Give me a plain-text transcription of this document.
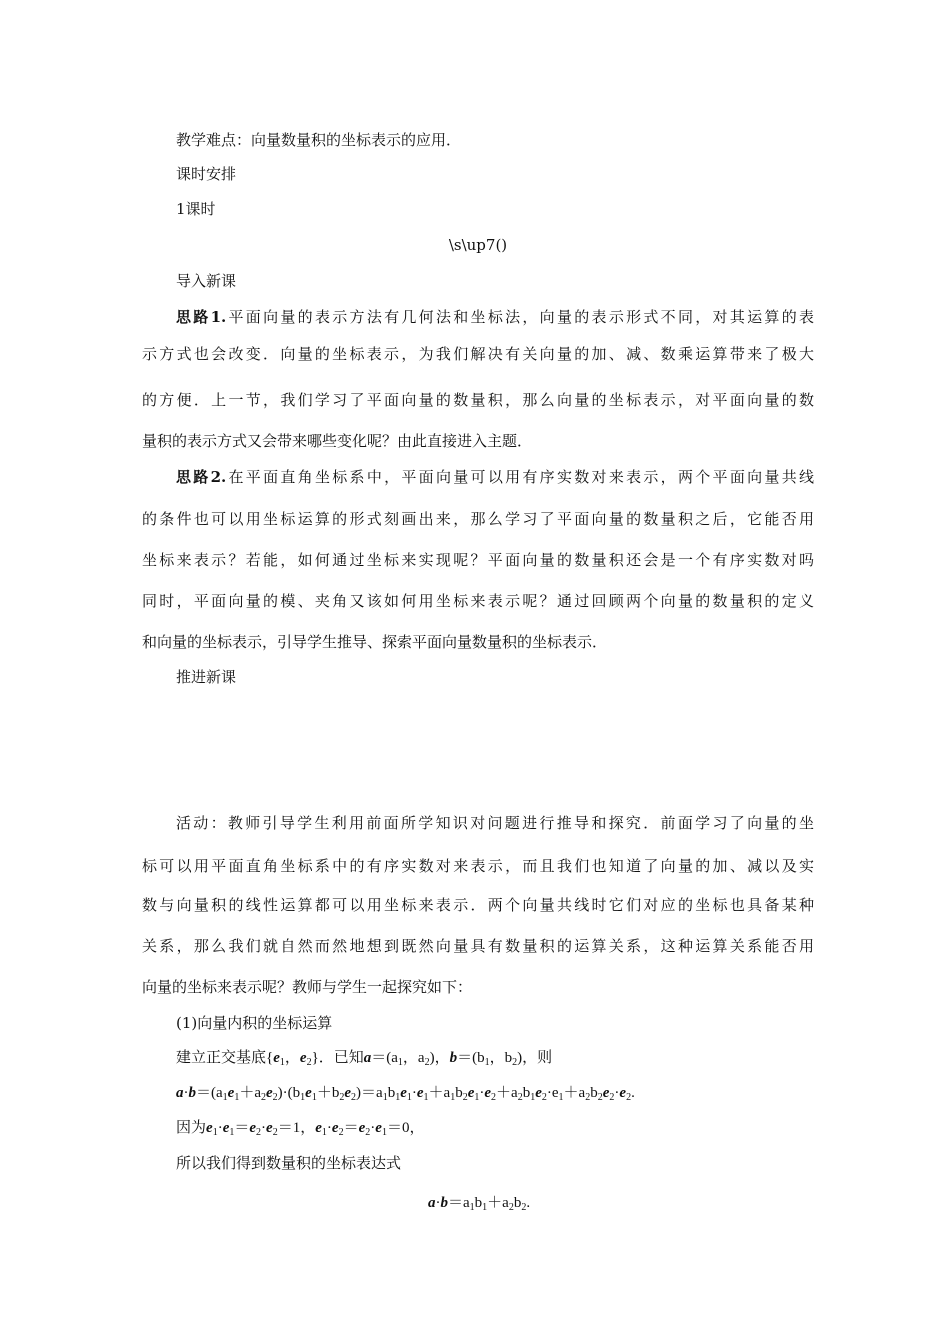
教学难点：向量数量积的坐标表示的应用．
课时安排
1课时
\s\up7()
导入新课
思路1.平面向量的表示方法有几何法和坐标法，向量的表示形式不同，对其运算的表
示方式也会改变．向量的坐标表示，为我们解决有关向量的加、减、数乘运算带来了极大
的方便．上一节，我们学习了平面向量的数量积，那么向量的坐标表示，对平面向量的数
量积的表示方式又会带来哪些变化呢？由此直接进入主题．
思路2.在平面直角坐标系中，平面向量可以用有序实数对来表示，两个平面向量共线
的条件也可以用坐标运算的形式刻画出来，那么学习了平面向量的数量积之后，它能否用
坐标来表示？若能，如何通过坐标来实现呢？平面向量的数量积还会是一个有序实数对吗
同时，平面向量的模、夹角又该如何用坐标来表示呢？通过回顾两个向量的数量积的定义
和向量的坐标表示，引导学生推导、探索平面向量数量积的坐标表示．
推进新课
活动：教师引导学生利用前面所学知识对问题进行推导和探究．前面学习了向量的坐
标可以用平面直角坐标系中的有序实数对来表示，而且我们也知道了向量的加、减以及实
数与向量积的线性运算都可以用坐标来表示．两个向量共线时它们对应的坐标也具备某种
关系，那么我们就自然而然地想到既然向量具有数量积的运算关系，这种运算关系能否用
向量的坐标来表示呢？教师与学生一起探究如下：
(1)向量内积的坐标运算
建立正交基底{$e_1$，$e_2$}．已知$a=(a_1$，$a_2$)，$b=(b_1$，$b_2$)，则
$a\cdot b=(a_1e_1+a_2e_2)\cdot(b_1e_1+b_2e_2)=a_1b_1e_1\cdot e_1+a_1b_2e_1\cdot e_2+a_2b_1e_2\cdot e_1+a_2b_2e_2\cdot e_2$.
因为$e_1\cdot e_1=e_2\cdot e_2=1$，$e_1\cdot e_2=e_2\cdot e_1=0$，
所以我们得到数量积的坐标表达式
$a\cdot b=a_1b_1+a_2b_2$.
